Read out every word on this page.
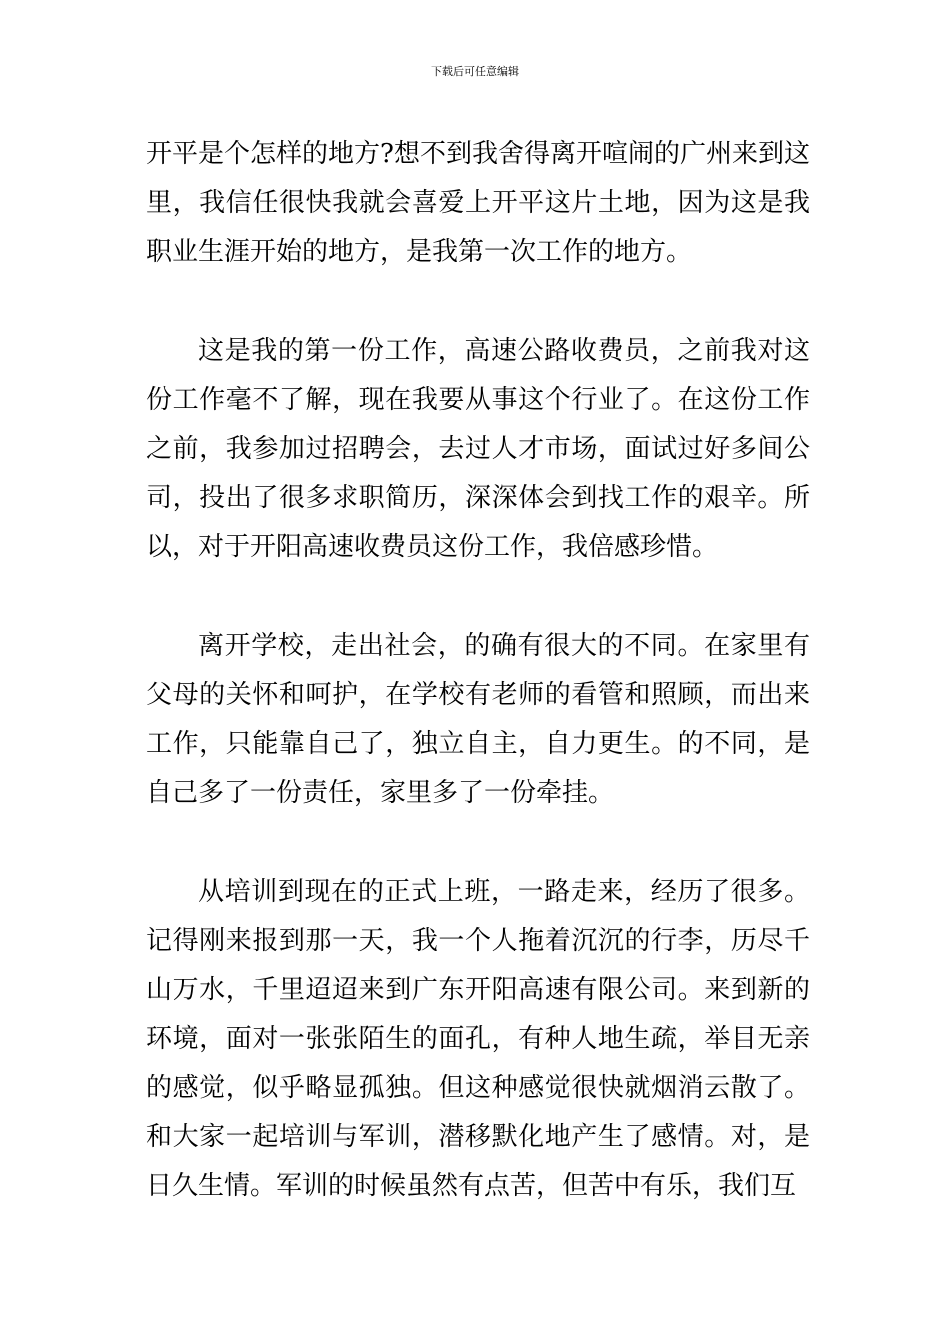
下载后可任意编辑

开平是个怎样的地方?想不到我舍得离开喧闹的广州来到这里，我信任很快我就会喜爱上开平这片土地，因为这是我职业生涯开始的地方，是我第一次工作的地方。

这是我的第一份工作，高速公路收费员，之前我对这份工作毫不了解，现在我要从事这个行业了。在这份工作之前，我参加过招聘会，去过人才市场，面试过好多间公司，投出了很多求职简历，深深体会到找工作的艰辛。所以，对于开阳高速收费员这份工作，我倍感珍惜。

离开学校，走出社会，的确有很大的不同。在家里有父母的关怀和呵护，在学校有老师的看管和照顾，而出来工作，只能靠自己了，独立自主，自力更生。的不同，是自己多了一份责任，家里多了一份牵挂。

从培训到现在的正式上班，一路走来，经历了很多。记得刚来报到那一天，我一个人拖着沉沉的行李，历尽千山万水，千里迢迢来到广东开阳高速有限公司。来到新的环境，面对一张张陌生的面孔，有种人地生疏，举目无亲的感觉，似乎略显孤独。但这种感觉很快就烟消云散了。和大家一起培训与军训，潜移默化地产生了感情。对，是日久生情。军训的时候虽然有点苦，但苦中有乐，我们互
